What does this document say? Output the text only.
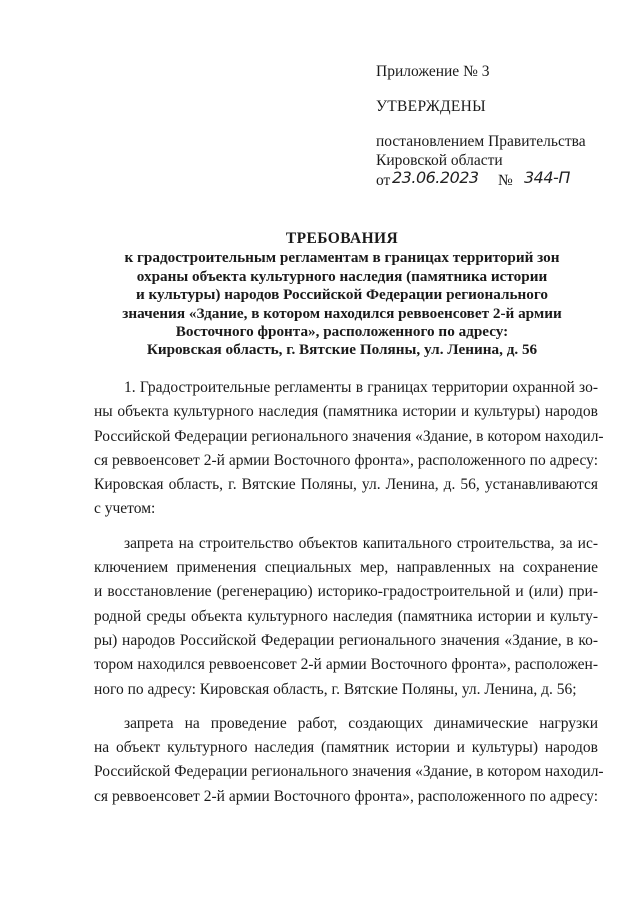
Приложение № 3
УТВЕРЖДЕНЫ
постановлением Правительства
Кировской области
от 23.06.2023 № 344-П
ТРЕБОВАНИЯ
к градостроительным регламентам в границах территорий зон
охраны объекта культурного наследия (памятника истории
и культуры) народов Российской Федерации регионального
значения «Здание, в котором находился реввоенсовет 2-й армии
Восточного фронта», расположенного по адресу:
Кировская область, г. Вятские Поляны, ул. Ленина, д. 56
1. Градостроительные регламенты в границах территории охранной зо-
ны объекта культурного наследия (памятника истории и культуры) народов
Российской Федерации регионального значения «Здание, в котором находил-
ся реввоенсовет 2-й армии Восточного фронта», расположенного по адресу:
Кировская область, г. Вятские Поляны, ул. Ленина, д. 56, устанавливаются
с учетом:
запрета на строительство объектов капитального строительства, за ис-
ключением применения специальных мер, направленных на сохранение
и восстановление (регенерацию) историко-градостроительной и (или) при-
родной среды объекта культурного наследия (памятника истории и культу-
ры) народов Российской Федерации регионального значения «Здание, в ко-
тором находился реввоенсовет 2-й армии Восточного фронта», расположен-
ного по адресу: Кировская область, г. Вятские Поляны, ул. Ленина, д. 56;
запрета на проведение работ, создающих динамические нагрузки
на объект культурного наследия (памятник истории и культуры) народов
Российской Федерации регионального значения «Здание, в котором находил-
ся реввоенсовет 2-й армии Восточного фронта», расположенного по адресу:
